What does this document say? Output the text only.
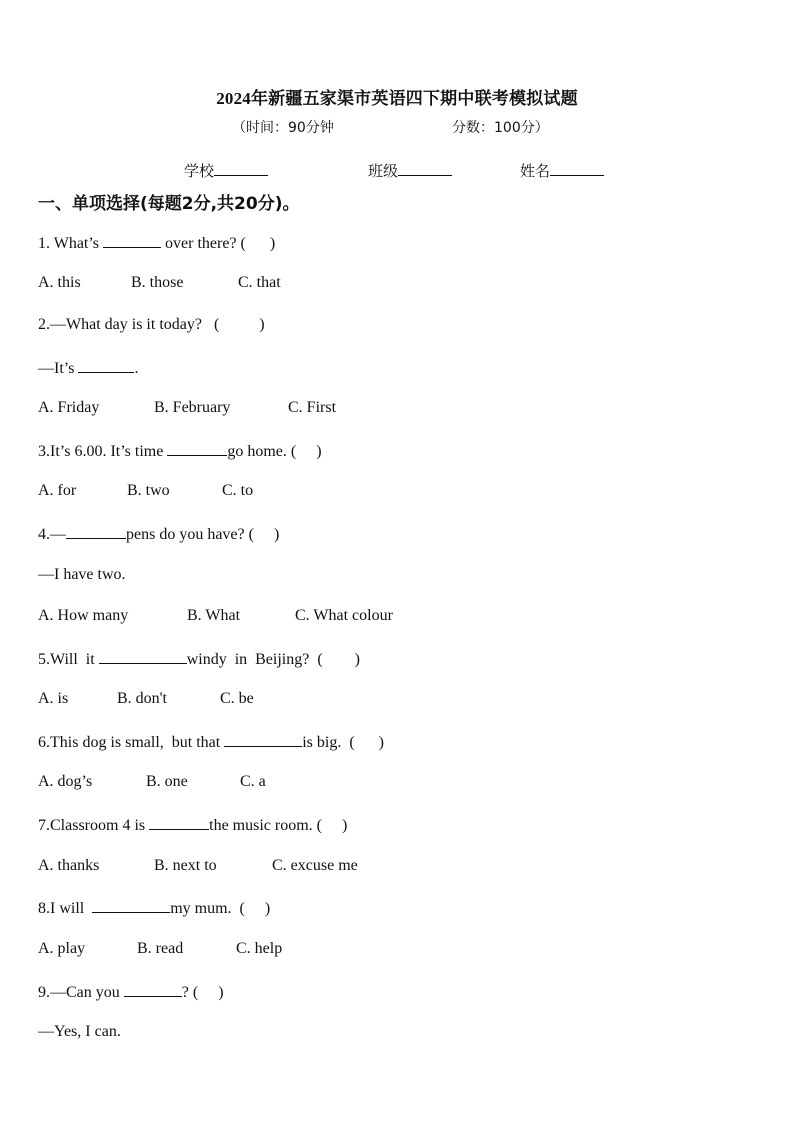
2024年新疆五家渠市英语四下期中联考模拟试题
（时间：90分钟	分数：100分）
学校	班级	姓名
一、单项选择(每题2分,共20分)。
1. What’s	over there? (      )
A. this	B. those	C. that
2.—What day is it today?   (          )
—It’s	.
A. Friday	B. February	C. First
3.It’s 6.00. It’s time	go home. (     )
A. for	B. two	C. to
4.—	pens do you have? (     )
—I have two.
A. How many	B. What	C. What colour
5.Will  it	windy  in  Beijing?  (        )
A. is	B. don't	C. be
6.This dog is small,  but that	is big.  (      )
A. dog’s	B. one	C. a
7.Classroom 4 is	the music room. (     )
A. thanks	B. next to	C. excuse me
8.I will	my mum.  (     )
A. play	B. read	C. help
9.—Can you	? (     )
—Yes, I can.
